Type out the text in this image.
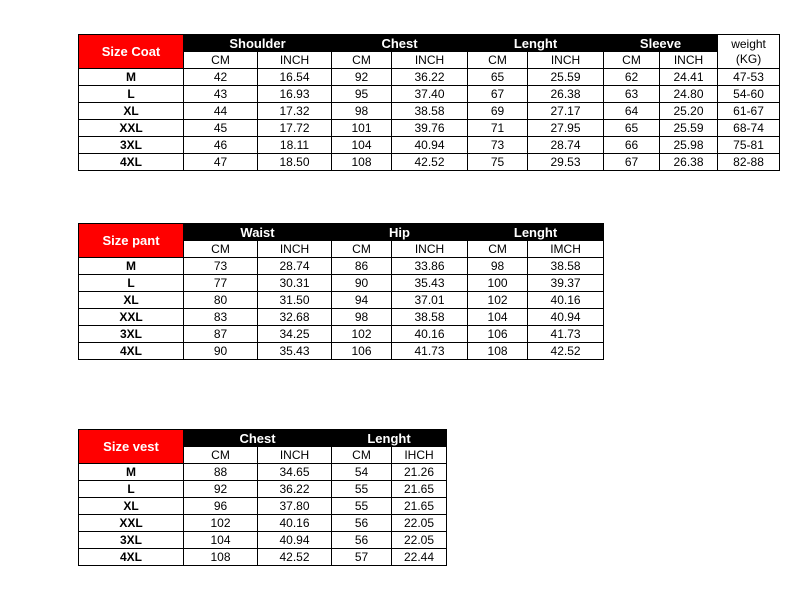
Size Coat	Shoulder		Chest		Lenght		Sleeve		weight
(KG)
	CM	INCH	CM	INCH	CM	INCH	CM	INCH	
M	42	16.54	92	36.22	65	25.59	62	24.41	47-53
L	43	16.93	95	37.40	67	26.38	63	24.80	54-60
XL	44	17.32	98	38.58	69	27.17	64	25.20	61-67
XXL	45	17.72	101	39.76	71	27.95	65	25.59	68-74
3XL	46	18.11	104	40.94	73	28.74	66	25.98	75-81
4XL	47	18.50	108	42.52	75	29.53	67	26.38	82-88
Size pant	Waist		Hip		Lenght	
	CM	INCH	CM	INCH	CM	IMCH
M	73	28.74	86	33.86	98	38.58
L	77	30.31	90	35.43	100	39.37
XL	80	31.50	94	37.01	102	40.16
XXL	83	32.68	98	38.58	104	40.94
3XL	87	34.25	102	40.16	106	41.73
4XL	90	35.43	106	41.73	108	42.52
Size vest	Chest		Lenght	
	CM	INCH	CM	IHCH
M	88	34.65	54	21.26
L	92	36.22	55	21.65
XL	96	37.80	55	21.65
XXL	102	40.16	56	22.05
3XL	104	40.94	56	22.05
4XL	108	42.52	57	22.44
